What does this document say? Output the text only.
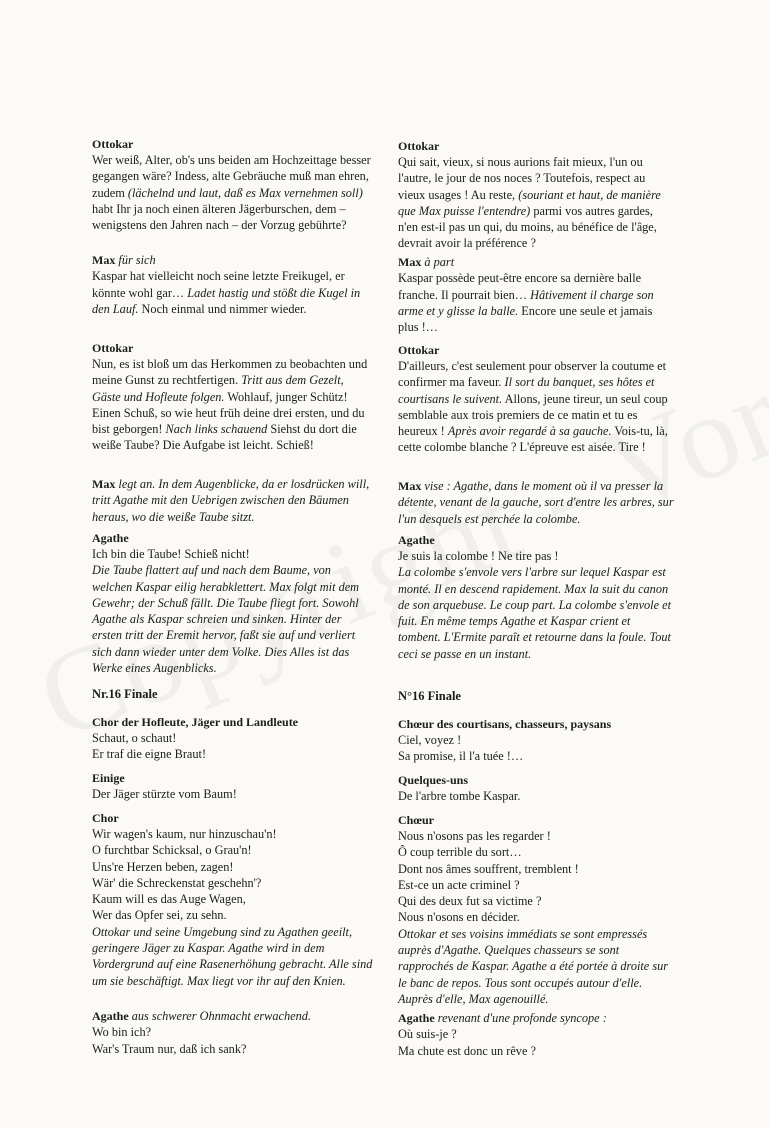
Ottokar

Wer weiß, Alter, ob's uns beiden am Hochzeittage besser gegangen wäre? Indess, alte Gebräuche muß man ehren, zudem (lächelnd und laut, daß es Max vernehmen soll) habt Ihr ja noch einen älteren Jägerburschen, dem – wenigstens den Jahren nach – der Vorzug gebührte?

Max für sich

Kaspar hat vielleicht noch seine letzte Freikugel, er könnte wohl gar… Ladet hastig und stößt die Kugel in den Lauf. Noch einmal und nimmer wieder.

Ottokar

Nun, es ist bloß um das Herkommen zu beobachten und meine Gunst zu rechtfertigen. Tritt aus dem Gezelt, Gäste und Hofleute folgen. Wohlauf, junger Schütz! Einen Schuß, so wie heut früh deine drei ersten, und du bist geborgen! Nach links schauend Siehst du dort die weiße Taube? Die Aufgabe ist leicht. Schieß!

Max legt an. In dem Augenblicke, da er losdrücken will, tritt Agathe mit den Uebrigen zwischen den Bäumen heraus, wo die weiße Taube sitzt.

Agathe

Ich bin die Taube! Schieß nicht!

Die Taube flattert auf und nach dem Baume, von welchen Kaspar eilig herabklettert. Max folgt mit dem Gewehr; der Schuß fällt. Die Taube fliegt fort. Sowohl Agathe als Kaspar schreien und sinken. Hinter der ersten tritt der Eremit hervor, faßt sie auf und verliert sich dann wieder unter dem Volke. Dies Alles ist das Werke eines Augenblicks.

Nr.16 Finale
Chor der Hofleute, Jäger und Landleute

Schaut, o schaut!

Er traf die eigne Braut!

Einige

Der Jäger stürzte vom Baum!

Chor

Wir wagen's kaum, nur hinzuschau'n!

O furchtbar Schicksal, o Grau'n!

Uns're Herzen beben, zagen!

Wär' die Schreckenstat geschehn'?

Kaum will es das Auge Wagen,

Wer das Opfer sei, zu sehn.

Ottokar und seine Umgebung sind zu Agathen geeilt, geringere Jäger zu Kaspar. Agathe wird in dem Vordergrund auf eine Rasenerhöhung gebracht. Alle sind um sie beschäftigt. Max liegt vor ihr auf den Knien.

Agathe aus schwerer Ohnmacht erwachend.

Wo bin ich?

War's Traum nur, daß ich sank?

Ottokar

Qui sait, vieux, si nous aurions fait mieux, l'un ou l'autre, le jour de nos noces ? Toutefois, respect au vieux usages ! Au reste, (souriant et haut, de manière que Max puisse l'entendre) parmi vos autres gardes, n'en est-il pas un qui, du moins, au bénéfice de l'âge, devrait avoir la préférence ?

Max à part

Kaspar possède peut-être encore sa dernière balle franche. Il pourrait bien… Hâtivement il charge son arme et y glisse la balle. Encore une seule et jamais plus !…

Ottokar

D'ailleurs, c'est seulement pour observer la coutume et confirmer ma faveur. Il sort du banquet, ses hôtes et courtisans le suivent. Allons, jeune tireur, un seul coup semblable aux trois premiers de ce matin et tu es heureux ! Après avoir regardé à sa gauche. Vois-tu, là, cette colombe blanche ? L'épreuve est aisée. Tire !

Max vise : Agathe, dans le moment où il va presser la détente, venant de la gauche, sort d'entre les arbres, sur l'un desquels est perchée la colombe.

Agathe

Je suis la colombe ! Ne tire pas !

La colombe s'envole vers l'arbre sur lequel Kaspar est monté. Il en descend rapidement. Max la suit du canon de son arquebuse. Le coup part. La colombe s'envole et fuit. En même temps Agathe et Kaspar crient et tombent. L'Ermite paraît et retourne dans la foule. Tout ceci se passe en un instant.

N°16 Finale
Chœur des courtisans, chasseurs, paysans

Ciel, voyez !

Sa promise, il l'a tuée !…

Quelques-uns

De l'arbre tombe Kaspar.

Chœur

Nous n'osons pas les regarder !

Ô coup terrible du sort…

Dont nos âmes souffrent, tremblent !

Est-ce un acte criminel ?

Qui des deux fut sa victime ?

Nous n'osons en décider.

Ottokar et ses voisins immédiats se sont empressés auprès d'Agathe. Quelques chasseurs se sont rapprochés de Kaspar. Agathe a été portée à droite sur le banc de repos. Tous sont occupés autour d'elle. Auprès d'elle, Max agenouillé.

Agathe revenant d'une profonde syncope :

Où suis-je ?

Ma chute est donc un rêve ?
